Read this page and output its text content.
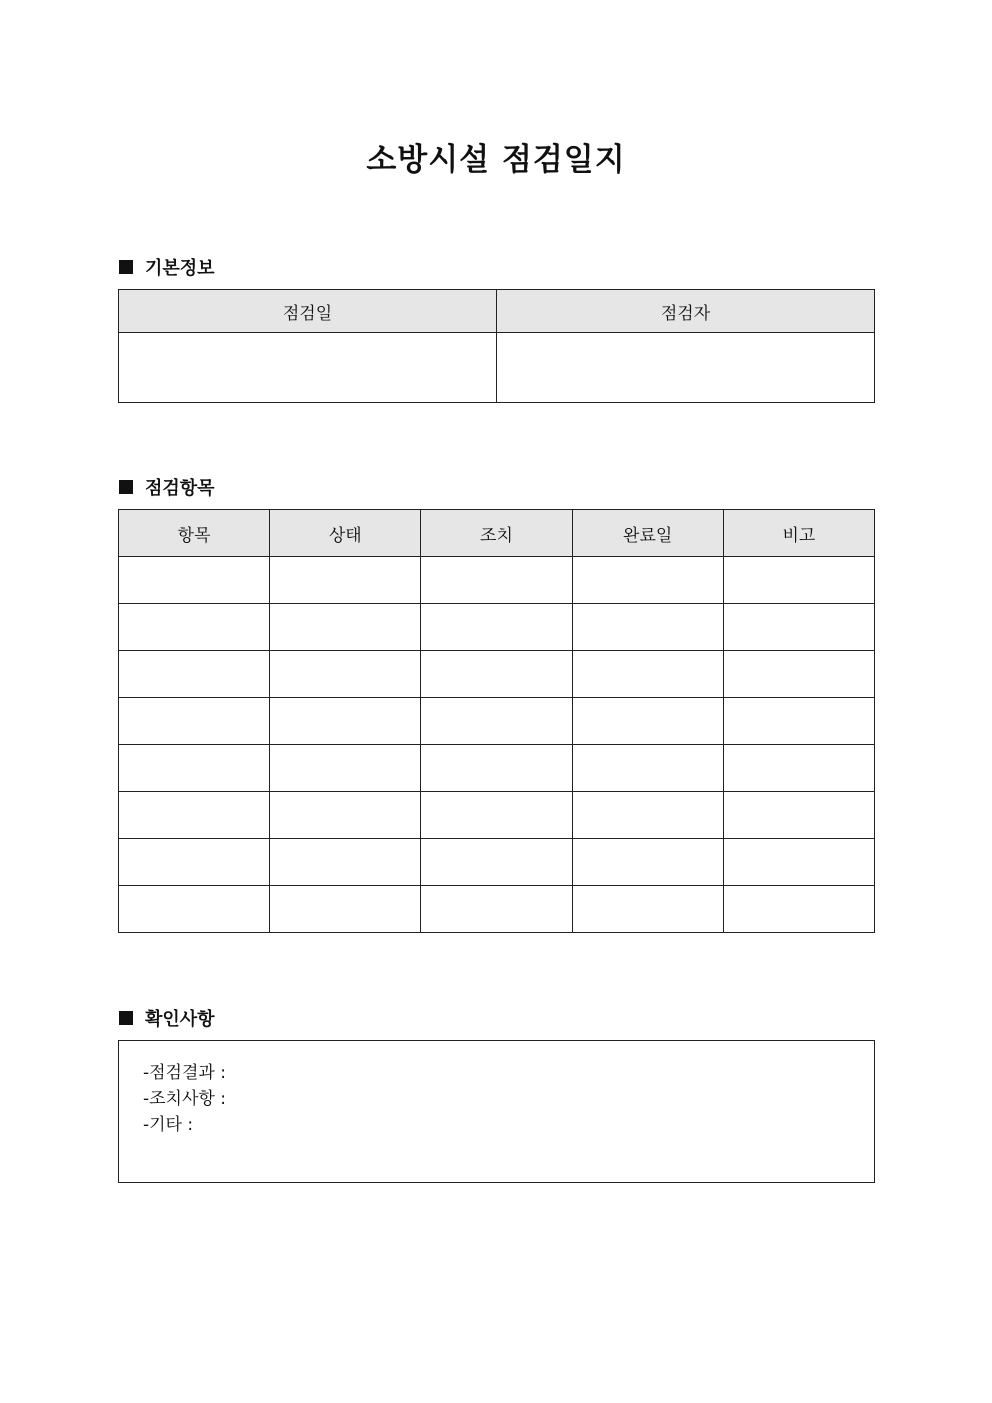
소방시설 점검일지
기본정보
점검일	점검자

점검항목
항목	상태	조치	완료일	비고

확인사항
-점검결과 :
-조치사항 :
-기타 :
